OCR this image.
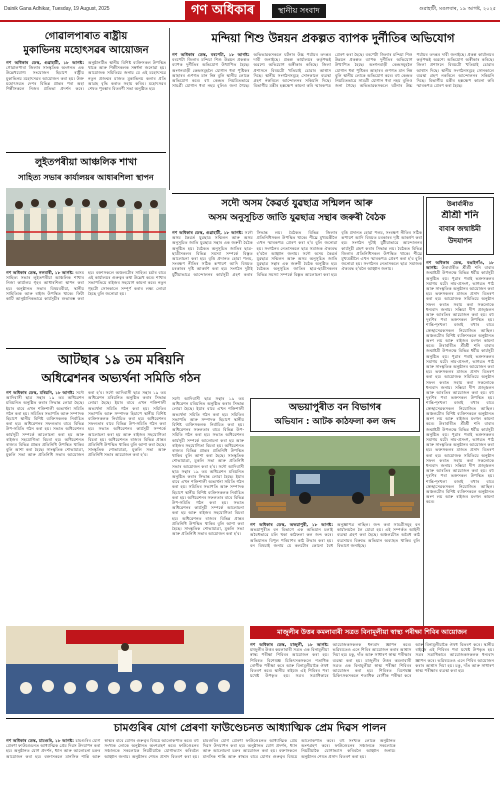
Dainik Gana Adhikar, Tuesday, 19 August, 2025	গণ অধিকাৰ	স্থানীয় সংবাদ	গুৱাহাটী, মঙলবাৰ, ১৯ আগষ্ট, ২০২৫
গোৱালপাৰাত ৰাষ্ট্ৰীয়
মুকাভিনয় মহোৎসৱৰ আয়োজন
গণ অধিকাৰ ডেস্ক, গুৱাহাটী, ১৮ আগষ্ট: গোৱালপাৰা জিলাৰ সাংস্কৃতিক অংগনত এক উল্লেখযোগ্য সংযোজন হিচাপে ৰাষ্ট্ৰীয় মুকাভিনয় মহোৎসৱৰ আয়োজন কৰা হয়। উক্ত মহোৎসৱত দেশৰ বিভিন্ন প্ৰান্তৰ পৰা অহা শিল্পীসকলে নিজৰ প্ৰতিভা প্ৰদৰ্শন কৰে। অনুষ্ঠানটিত স্থানীয় বিশিষ্ট ব্যক্তিসকল উপস্থিত থাকে আৰু শিল্পীসকলক সম্বৰ্ধনা জনোৱা হয়। আয়োজক সমিতিয়ে জনায় যে এই মহোৎসৱে নতুন প্ৰজন্মৰ মাজত মুকাভিনয় কলাৰ প্ৰতি আগ্ৰহ বৃদ্ধি কৰাত সহায় কৰিব। মহোৎসৱৰ শেষত পুৰস্কাৰ বিতৰণী সভা অনুষ্ঠিত হয়।
মন্দিয়া শিশু উন্নয়ন প্ৰকল্পত ব্যাপক দুৰ্নীতিৰ অভিযোগ
গণ অধিকাৰ ডেস্ক, বৰপেটা, ১৮ আগষ্ট: বৰপেটা জিলাৰ মন্দিয়া শিশু উন্নয়ন প্ৰকল্পত ব্যাপক দুৰ্নীতিৰ অভিযোগ উত্থাপিত হৈছে। অংগনবাড়ী কেন্দ্ৰসমূহলৈ যোগান ধৰা পুষ্টিকৰ আহাৰৰ গুণগত মান নিম্ন বুলি স্থানীয় লোকে অভিযোগ কৰে। বহু কেন্দ্ৰত নিয়মিতভাৱে সামগ্ৰী যোগান ধৰা নহয় বুলিও জনা গৈছে। অভিভাৱকসকলে ঘটনাৰ উচ্চ পৰ্যায়ৰ তদন্তৰ দাবী জনাইছে। প্ৰকল্প কাৰ্যালয়ৰ কৰ্তৃপক্ষই অৱশ্যে অভিযোগ অস্বীকাৰ কৰিছে। জিলা প্ৰশাসনে বিষয়টো খতিয়াই চোৱাৰ আশ্বাস দিছে। স্থানীয় সংগঠনসমূহে সোনকালে ব্যৱস্থা গ্ৰহণ নকৰিলে আন্দোলনৰ সকিয়নি দিছে। বিভাগীয় মন্ত্ৰীৰ হস্তক্ষেপ কামনা কৰি স্মাৰকপত্ৰ প্ৰেৰণ কৰা হৈছে। বৰপেটা জিলাৰ মন্দিয়া শিশু উন্নয়ন প্ৰকল্পত ব্যাপক দুৰ্নীতিৰ অভিযোগ উত্থাপিত হৈছে। অংগনবাড়ী কেন্দ্ৰসমূহলৈ যোগান ধৰা পুষ্টিকৰ আহাৰৰ গুণগত মান নিম্ন বুলি স্থানীয় লোকে অভিযোগ কৰে। বহু কেন্দ্ৰত নিয়মিতভাৱে সামগ্ৰী যোগান ধৰা নহয় বুলিও জনা গৈছে। অভিভাৱকসকলে ঘটনাৰ উচ্চ পৰ্যায়ৰ তদন্তৰ দাবী জনাইছে। প্ৰকল্প কাৰ্যালয়ৰ কৰ্তৃপক্ষই অৱশ্যে অভিযোগ অস্বীকাৰ কৰিছে। জিলা প্ৰশাসনে বিষয়টো খতিয়াই চোৱাৰ আশ্বাস দিছে। স্থানীয় সংগঠনসমূহে সোনকালে ব্যৱস্থা গ্ৰহণ নকৰিলে আন্দোলনৰ সকিয়নি দিছে। বিভাগীয় মন্ত্ৰীৰ হস্তক্ষেপ কামনা কৰি স্মাৰকপত্ৰ প্ৰেৰণ কৰা হৈছে।
লুইতপৰীয়া আঞ্চলিক শাখা
সাহিত্য সভাৰ কাৰ্যালয়ৰ আধাৰশিলা স্থাপন
গণ অধিকাৰ ডেস্ক, নলবাৰী, ১৮ আগষ্ট: অসম সাহিত্য সভাৰ লুইতপৰীয়া আঞ্চলিক শাখাৰ নিজা কাৰ্যালয় গৃহৰ আধাৰশিলা স্থাপন কৰা হয়। অনুষ্ঠানত সভাৰ বিষয়ববীয়া, স্থানীয় সাহিত্যিক আৰু ৰাইজ উপস্থিত থাকে। ফিটা কাটি আনুষ্ঠানিকভাৱে কাৰ্যসূচীৰ শুভাৰম্ভ কৰা হয়। বক্তাসকলে অঞ্চলটোৰ সাহিত্য চৰ্চাৰ বাবে এই কাৰ্যালয়ৰ গুৰুত্বৰ কথা উল্লেখ কৰে। শাখাৰ সভাপতিয়ে ৰাইজৰ সহযোগ কামনা কৰে। নতুন গৃহটো সোনকালে সম্পূৰ্ণ কৰাৰ লক্ষ্য লোৱা হৈছে বুলি জনোৱা হয়।
সদৌ অসম কৈৱৰ্ত যুৱছাত্ৰ সন্মিলন আৰু
অসম অনুসূচিত জাতি যুৱছাত্ৰ সন্থাৰ জৰুৰী বৈঠক
গণ অধিকাৰ ডেস্ক, গুৱাহাটী, ১৮ আগষ্ট: সদৌ অসম কৈৱৰ্ত যুৱছাত্ৰ সন্মিলন আৰু অসম অনুসূচিত জাতি যুৱছাত্ৰ সন্থাৰ এক জৰুৰী বৈঠক অনুষ্ঠিত হয়। বৈঠকত অনুসূচিত জাতিৰ ছাত্ৰ-ছাত্ৰীসকলৰ বিভিন্ন সমস্যা সম্পৰ্কে বিস্তৃত আলোচনা কৰা হয়। বৃত্তি প্ৰদানত হোৱা পলম, সংৰক্ষণ নীতিৰ সঠিক ৰূপায়ণ আদি বিষয়ত চৰকাৰৰ দৃষ্টি আকৰ্ষণ কৰা হয়। সংগঠন দুটাই যুটীয়াভাৱে আন্দোলনৰ কাৰ্যসূচী গ্ৰহণ কৰাৰ সিদ্ধান্ত লয়। বৈঠকত বিভিন্ন জিলাৰ প্ৰতিনিধিসকল উপস্থিত থাকে। শীঘ্ৰে মুখ্যমন্ত্ৰীলৈ এখন স্মাৰকপত্ৰ প্ৰেৰণ কৰা হ'ব বুলি জনোৱা হয়। সংগঠনৰ নেতাসকলে ছাত্ৰ সমাজক ঐক্যবদ্ধ হ'বলৈ আহ্বান জনায়। সদৌ অসম কৈৱৰ্ত যুৱছাত্ৰ সন্মিলন আৰু অসম অনুসূচিত জাতি যুৱছাত্ৰ সন্থাৰ এক জৰুৰী বৈঠক অনুষ্ঠিত হয়। বৈঠকত অনুসূচিত জাতিৰ ছাত্ৰ-ছাত্ৰীসকলৰ বিভিন্ন সমস্যা সম্পৰ্কে বিস্তৃত আলোচনা কৰা হয়। বৃত্তি প্ৰদানত হোৱা পলম, সংৰক্ষণ নীতিৰ সঠিক ৰূপায়ণ আদি বিষয়ত চৰকাৰৰ দৃষ্টি আকৰ্ষণ কৰা হয়। সংগঠন দুটাই যুটীয়াভাৱে আন্দোলনৰ কাৰ্যসূচী গ্ৰহণ কৰাৰ সিদ্ধান্ত লয়। বৈঠকত বিভিন্ন জিলাৰ প্ৰতিনিধিসকল উপস্থিত থাকে। শীঘ্ৰে মুখ্যমন্ত্ৰীলৈ এখন স্মাৰকপত্ৰ প্ৰেৰণ কৰা হ'ব বুলি জনোৱা হয়। সংগঠনৰ নেতাসকলে ছাত্ৰ সমাজক ঐক্যবদ্ধ হ'বলৈ আহ্বান জনায়।
উৰাৰ্বাৰীত
শ্ৰীশ্ৰী শনি
বাবাৰ জন্মাষ্টমী
উদযাপন
গণ অধিকাৰ ডেস্ক, বঙাইগাঁও, ১৮ আগষ্ট: উৰাৰ্বাৰীত শ্ৰীশ্ৰী শনি বাবাৰ জন্মাষ্টমী উপলক্ষে বিভিন্ন ধৰ্মীয় কাৰ্যসূচী অনুষ্ঠিত হয়। পুৱাৰ পৰাই ভক্তসকলৰ সমাগম ঘটে। নাম-প্ৰসংগ, ভাগৱত পাঠ আৰু সাংস্কৃতিক অনুষ্ঠানৰ আয়োজন কৰা হয়। ভক্তসকলৰ মাজত প্ৰসাদ বিতৰণ কৰা হয়। আয়োজক সমিতিয়ে অনুষ্ঠান সফল কৰাত সহায় কৰা সকলোকে ধন্যবাদ জনায়। সন্ধিয়া দীপ প্ৰজ্জ্বলন আৰু আৰতিৰ আয়োজন কৰা হয়। বহু দূৰণিৰ পৰা ভক্তসকল উপস্থিত হয়। শান্তি-শৃংখলা বজাই ৰখাৰ বাবে স্বেচ্ছাসেৱকসকল নিয়োজিত আছিল। অঞ্চলটোৰ বিশিষ্ট ব্যক্তিসকলে অনুষ্ঠানত অংশ লয় আৰু ৰাইজৰ মংগল কামনা কৰে। উৰাৰ্বাৰীত শ্ৰীশ্ৰী শনি বাবাৰ জন্মাষ্টমী উপলক্ষে বিভিন্ন ধৰ্মীয় কাৰ্যসূচী অনুষ্ঠিত হয়। পুৱাৰ পৰাই ভক্তসকলৰ সমাগম ঘটে। নাম-প্ৰসংগ, ভাগৱত পাঠ আৰু সাংস্কৃতিক অনুষ্ঠানৰ আয়োজন কৰা হয়। ভক্তসকলৰ মাজত প্ৰসাদ বিতৰণ কৰা হয়। আয়োজক সমিতিয়ে অনুষ্ঠান সফল কৰাত সহায় কৰা সকলোকে ধন্যবাদ জনায়। সন্ধিয়া দীপ প্ৰজ্জ্বলন আৰু আৰতিৰ আয়োজন কৰা হয়। বহু দূৰণিৰ পৰা ভক্তসকল উপস্থিত হয়। শান্তি-শৃংখলা বজাই ৰখাৰ বাবে স্বেচ্ছাসেৱকসকল নিয়োজিত আছিল। অঞ্চলটোৰ বিশিষ্ট ব্যক্তিসকলে অনুষ্ঠানত অংশ লয় আৰু ৰাইজৰ মংগল কামনা কৰে। উৰাৰ্বাৰীত শ্ৰীশ্ৰী শনি বাবাৰ জন্মাষ্টমী উপলক্ষে বিভিন্ন ধৰ্মীয় কাৰ্যসূচী অনুষ্ঠিত হয়। পুৱাৰ পৰাই ভক্তসকলৰ সমাগম ঘটে। নাম-প্ৰসংগ, ভাগৱত পাঠ আৰু সাংস্কৃতিক অনুষ্ঠানৰ আয়োজন কৰা হয়। ভক্তসকলৰ মাজত প্ৰসাদ বিতৰণ কৰা হয়। আয়োজক সমিতিয়ে অনুষ্ঠান সফল কৰাত সহায় কৰা সকলোকে ধন্যবাদ জনায়। সন্ধিয়া দীপ প্ৰজ্জ্বলন আৰু আৰতিৰ আয়োজন কৰা হয়। বহু দূৰণিৰ পৰা ভক্তসকল উপস্থিত হয়। শান্তি-শৃংখলা বজাই ৰখাৰ বাবে স্বেচ্ছাসেৱকসকল নিয়োজিত আছিল। অঞ্চলটোৰ বিশিষ্ট ব্যক্তিসকলে অনুষ্ঠানত অংশ লয় আৰু ৰাইজৰ মংগল কামনা কৰে।
আটছাৰ ১৯ তম মৰিয়নি
অধিৱেশনৰ অভ্যৰ্থনা সমিতি গঠন
গণ অধিকাৰ ডেস্ক, মৰিয়নি, ১৮ আগষ্ট: সদৌ আদিবাসী ছাত্ৰ সন্থাৰ ১৯ তম অধিৱেশন মৰিয়নিত অনুষ্ঠিত কৰাৰ সিদ্ধান্ত লোৱা হৈছে। ইয়াৰ বাবে এখন শক্তিশালী অভ্যৰ্থনা সমিতি গঠন কৰা হয়। সমিতিৰ সভাপতি আৰু সম্পাদক হিচাপে স্থানীয় বিশিষ্ট ব্যক্তিসকলক নিৰ্বাচিত কৰা হয়। অধিৱেশনৰ সফলতাৰ বাবে বিভিন্ন উপ-সমিতি গঠন কৰা হয়। সভাত অধিৱেশনৰ কাৰ্যসূচী সম্পৰ্কে আলোচনা কৰা হয় আৰু ৰাইজৰ সহযোগিতা বিচৰা হয়। অধিৱেশনত ৰাজ্যৰ বিভিন্ন প্ৰান্তৰ প্ৰতিনিধি উপস্থিত থাকিব বুলি আশা কৰা হৈছে। সাংস্কৃতিক শোভাযাত্ৰা, মুকলি সভা আৰু প্ৰতিনিধি সভাৰ আয়োজন কৰা হ'ব। সদৌ আদিবাসী ছাত্ৰ সন্থাৰ ১৯ তম অধিৱেশন মৰিয়নিত অনুষ্ঠিত কৰাৰ সিদ্ধান্ত লোৱা হৈছে। ইয়াৰ বাবে এখন শক্তিশালী অভ্যৰ্থনা সমিতি গঠন কৰা হয়। সমিতিৰ সভাপতি আৰু সম্পাদক হিচাপে স্থানীয় বিশিষ্ট ব্যক্তিসকলক নিৰ্বাচিত কৰা হয়। অধিৱেশনৰ সফলতাৰ বাবে বিভিন্ন উপ-সমিতি গঠন কৰা হয়। সভাত অধিৱেশনৰ কাৰ্যসূচী সম্পৰ্কে আলোচনা কৰা হয় আৰু ৰাইজৰ সহযোগিতা বিচৰা হয়। অধিৱেশনত ৰাজ্যৰ বিভিন্ন প্ৰান্তৰ প্ৰতিনিধি উপস্থিত থাকিব বুলি আশা কৰা হৈছে। সাংস্কৃতিক শোভাযাত্ৰা, মুকলি সভা আৰু প্ৰতিনিধি সভাৰ আয়োজন কৰা হ'ব।
সদৌ আদিবাসী ছাত্ৰ সন্থাৰ ১৯ তম অধিৱেশন মৰিয়নিত অনুষ্ঠিত কৰাৰ সিদ্ধান্ত লোৱা হৈছে। ইয়াৰ বাবে এখন শক্তিশালী অভ্যৰ্থনা সমিতি গঠন কৰা হয়। সমিতিৰ সভাপতি আৰু সম্পাদক হিচাপে স্থানীয় বিশিষ্ট ব্যক্তিসকলক নিৰ্বাচিত কৰা হয়। অধিৱেশনৰ সফলতাৰ বাবে বিভিন্ন উপ-সমিতি গঠন কৰা হয়। সভাত অধিৱেশনৰ কাৰ্যসূচী সম্পৰ্কে আলোচনা কৰা হয় আৰু ৰাইজৰ সহযোগিতা বিচৰা হয়। অধিৱেশনত ৰাজ্যৰ বিভিন্ন প্ৰান্তৰ প্ৰতিনিধি উপস্থিত থাকিব বুলি আশা কৰা হৈছে। সাংস্কৃতিক শোভাযাত্ৰা, মুকলি সভা আৰু প্ৰতিনিধি সভাৰ আয়োজন কৰা হ'ব। সদৌ আদিবাসী ছাত্ৰ সন্থাৰ ১৯ তম অধিৱেশন মৰিয়নিত অনুষ্ঠিত কৰাৰ সিদ্ধান্ত লোৱা হৈছে। ইয়াৰ বাবে এখন শক্তিশালী অভ্যৰ্থনা সমিতি গঠন কৰা হয়। সমিতিৰ সভাপতি আৰু সম্পাদক হিচাপে স্থানীয় বিশিষ্ট ব্যক্তিসকলক নিৰ্বাচিত কৰা হয়। অধিৱেশনৰ সফলতাৰ বাবে বিভিন্ন উপ-সমিতি গঠন কৰা হয়। সভাত অধিৱেশনৰ কাৰ্যসূচী সম্পৰ্কে আলোচনা কৰা হয় আৰু ৰাইজৰ সহযোগিতা বিচৰা হয়। অধিৱেশনত ৰাজ্যৰ বিভিন্ন প্ৰান্তৰ প্ৰতিনিধি উপস্থিত থাকিব বুলি আশা কৰা হৈছে। সাংস্কৃতিক শোভাযাত্ৰা, মুকলি সভা আৰু প্ৰতিনিধি সভাৰ আয়োজন কৰা হ'ব।
অভয়াপুৰীত বন বিভাগৰ
অভিযান : আটক কাঠফলা কল জব্দ
গণ অধিকাৰ ডেস্ক, অভয়াপুৰী, ১৮ আগষ্ট: অভয়াপুৰীত বন বিভাগে এক অভিযান চলাই অবৈধভাৱে চলি থকা কাঠফলা কল জব্দ কৰে। অভিযানত বিপুল পৰিমাণৰ কাঠ উদ্ধাৰ কৰা হয়। বন বিষয়াই জনায় যে কলটোৰ কোনো বৈধ অনুজ্ঞাপত্ৰ নাছিল। জব্দ কৰা সামগ্ৰীসমূহ বন কাৰ্যালয়লৈ লৈ যোৱা হয়। এই সম্পৰ্কত আইনী ব্যৱস্থা গ্ৰহণ কৰা হৈছে। অঞ্চলটোত অবৈধ কাঠ ব্যৱসায়ৰ বিৰুদ্ধে অভিযান অব্যাহত থাকিব বুলি বিভাগে জনাইছে।
মাজুলীৰ উত্তৰ কমলাবাৰী সত্ৰত বিনামূলীয়া স্বাস্থ্য পৰীক্ষা শিবিৰ আয়োজন
গণ অধিকাৰ ডেস্ক, মাজুলী, ১৮ আগষ্ট: মাজুলীৰ উত্তৰ কমলাবাৰী সত্ৰত এক বিনামূলীয়া স্বাস্থ্য পৰীক্ষা শিবিৰৰ আয়োজন কৰা হয়। শিবিৰত বিশেষজ্ঞ চিকিৎসকসকলে শতাধিক ৰোগীক পৰীক্ষা কৰে আৰু বিনামূলীয়াকৈ ঔষধ বিতৰণ কৰে। স্থানীয় ৰাইজে এই শিবিৰৰ পৰা যথেষ্ট উপকৃত হয়। সত্ৰৰ সত্ৰাধিকাৰে আয়োজকসকলক ধন্যবাদ জ্ঞাপন কৰে। ভৱিষ্যতেও এনে শিবিৰ আয়োজন কৰাৰ আশ্বাস দিয়া হয়। চকু, দাঁত আৰু সাধাৰণ স্বাস্থ্য পৰীক্ষাৰ ব্যৱস্থা কৰা হয়। মাজুলীৰ উত্তৰ কমলাবাৰী সত্ৰত এক বিনামূলীয়া স্বাস্থ্য পৰীক্ষা শিবিৰৰ আয়োজন কৰা হয়। শিবিৰত বিশেষজ্ঞ চিকিৎসকসকলে শতাধিক ৰোগীক পৰীক্ষা কৰে আৰু বিনামূলীয়াকৈ ঔষধ বিতৰণ কৰে। স্থানীয় ৰাইজে এই শিবিৰৰ পৰা যথেষ্ট উপকৃত হয়। সত্ৰৰ সত্ৰাধিকাৰে আয়োজকসকলক ধন্যবাদ জ্ঞাপন কৰে। ভৱিষ্যতেও এনে শিবিৰ আয়োজন কৰাৰ আশ্বাস দিয়া হয়। চকু, দাঁত আৰু সাধাৰণ স্বাস্থ্য পৰীক্ষাৰ ব্যৱস্থা কৰা হয়।
চামগুৰিৰ যোগ প্ৰেৰণা ফাউণ্ডেচনত আধ্যাত্মিক প্ৰেম দিৱস পালন
গণ অধিকাৰ ডেস্ক, চামগুৰি, ১৮ আগষ্ট: চামগুৰিৰ যোগ প্ৰেৰণা ফাউণ্ডেচনত আধ্যাত্মিক প্ৰেম দিৱস উদযাপন কৰা হয়। অনুষ্ঠানত যোগ প্ৰদৰ্শন, ধ্যান আৰু আলোচনা চক্ৰৰ আয়োজন কৰা হয়। বক্তাসকলে মানসিক শান্তি আৰু স্বাস্থ্যৰ বাবে যোগৰ গুৰুত্বৰ বিষয়ে আলোকপাত কৰে। বহু সংখ্যক লোকে অনুষ্ঠানত অংশগ্ৰহণ কৰে। ফাউণ্ডেচনৰ সঞ্চালকে সকলোকে নিয়মীয়াকৈ যোগাভ্যাস কৰিবলৈ আহ্বান জনায়। অনুষ্ঠানৰ শেষত প্ৰসাদ বিতৰণ কৰা হয়। চামগুৰিৰ যোগ প্ৰেৰণা ফাউণ্ডেচনত আধ্যাত্মিক প্ৰেম দিৱস উদযাপন কৰা হয়। অনুষ্ঠানত যোগ প্ৰদৰ্শন, ধ্যান আৰু আলোচনা চক্ৰৰ আয়োজন কৰা হয়। বক্তাসকলে মানসিক শান্তি আৰু স্বাস্থ্যৰ বাবে যোগৰ গুৰুত্বৰ বিষয়ে আলোকপাত কৰে। বহু সংখ্যক লোকে অনুষ্ঠানত অংশগ্ৰহণ কৰে। ফাউণ্ডেচনৰ সঞ্চালকে সকলোকে নিয়মীয়াকৈ যোগাভ্যাস কৰিবলৈ আহ্বান জনায়। অনুষ্ঠানৰ শেষত প্ৰসাদ বিতৰণ কৰা হয়।
